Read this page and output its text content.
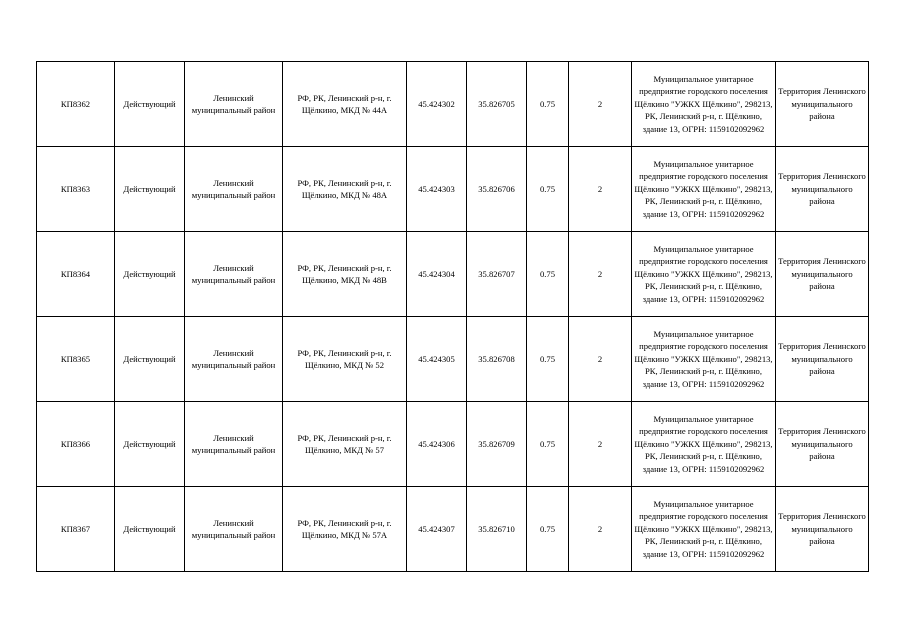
КП8362	Действующий	Ленинский муниципальный район	РФ, РК, Ленинский р-н, г. Щёлкино, МКД № 44А	45.424302	35.826705	0.75	2	Муниципальное унитарное предприятие городского поселения Щёлкино "УЖКХ Щёлкино", 298213, РК, Ленинский р-н, г. Щёлкино, здание 13, ОГРН: 1159102092962	Территория Ленинского муниципального района
КП8363	Действующий	Ленинский муниципальный район	РФ, РК, Ленинский р-н, г. Щёлкино, МКД № 48А	45.424303	35.826706	0.75	2	Муниципальное унитарное предприятие городского поселения Щёлкино "УЖКХ Щёлкино", 298213, РК, Ленинский р-н, г. Щёлкино, здание 13, ОГРН: 1159102092962	Территория Ленинского муниципального района
КП8364	Действующий	Ленинский муниципальный район	РФ, РК, Ленинский р-н, г. Щёлкино, МКД № 48В	45.424304	35.826707	0.75	2	Муниципальное унитарное предприятие городского поселения Щёлкино "УЖКХ Щёлкино", 298213, РК, Ленинский р-н, г. Щёлкино, здание 13, ОГРН: 1159102092962	Территория Ленинского муниципального района
КП8365	Действующий	Ленинский муниципальный район	РФ, РК, Ленинский р-н, г. Щёлкино, МКД № 52	45.424305	35.826708	0.75	2	Муниципальное унитарное предприятие городского поселения Щёлкино "УЖКХ Щёлкино", 298213, РК, Ленинский р-н, г. Щёлкино, здание 13, ОГРН: 1159102092962	Территория Ленинского муниципального района
КП8366	Действующий	Ленинский муниципальный район	РФ, РК, Ленинский р-н, г. Щёлкино, МКД № 57	45.424306	35.826709	0.75	2	Муниципальное унитарное предприятие городского поселения Щёлкино "УЖКХ Щёлкино", 298213, РК, Ленинский р-н, г. Щёлкино, здание 13, ОГРН: 1159102092962	Территория Ленинского муниципального района
КП8367	Действующий	Ленинский муниципальный район	РФ, РК, Ленинский р-н, г. Щёлкино, МКД № 57А	45.424307	35.826710	0.75	2	Муниципальное унитарное предприятие городского поселения Щёлкино "УЖКХ Щёлкино", 298213, РК, Ленинский р-н, г. Щёлкино, здание 13, ОГРН: 1159102092962	Территория Ленинского муниципального района
